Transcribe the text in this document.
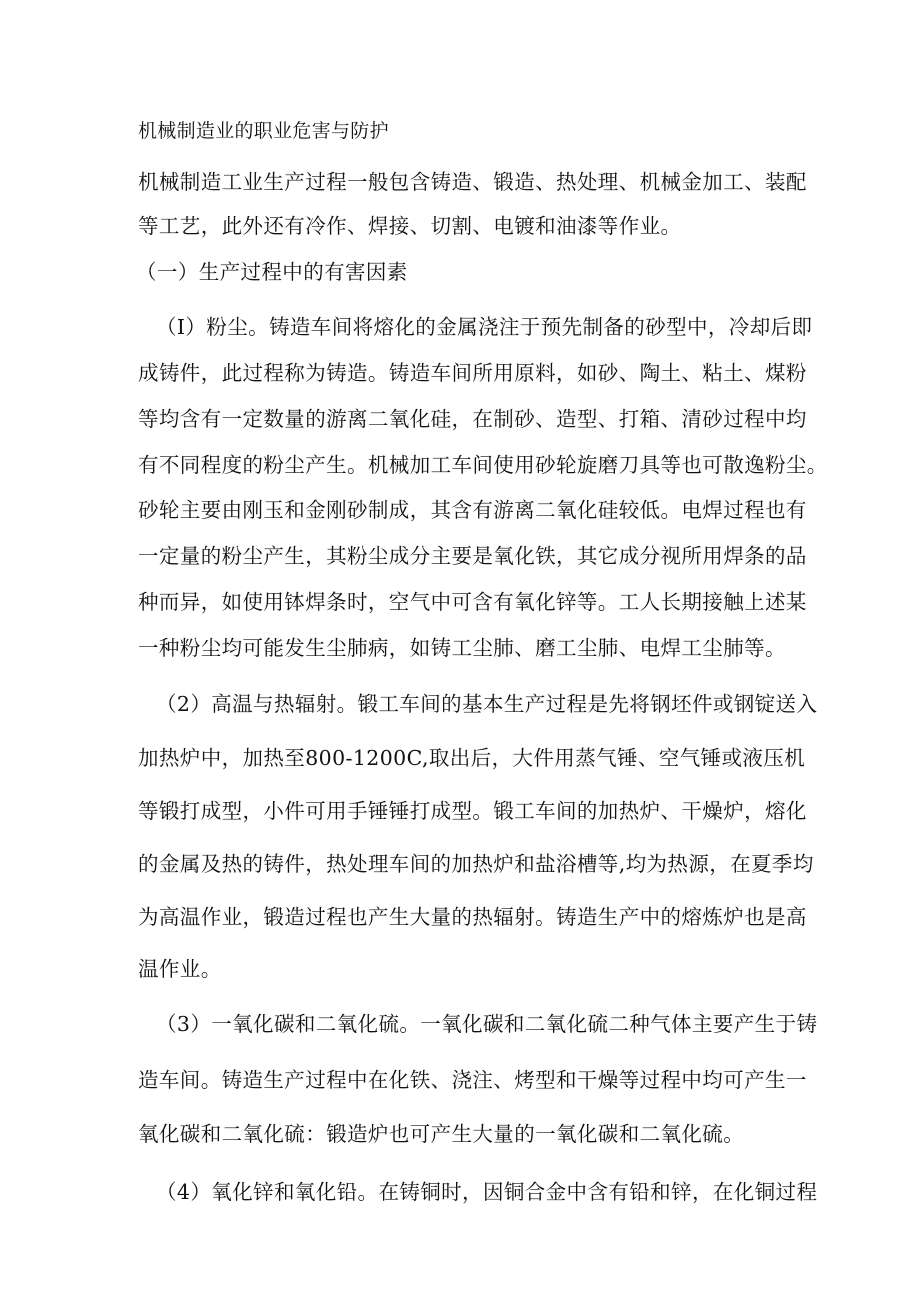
机械制造业的职业危害与防护
机械制造工业生产过程一般包含铸造、锻造、热处理、机械金加工、装配
等工艺，此外还有冷作、焊接、切割、电镀和油漆等作业。
（一）生产过程中的有害因素
（I）粉尘。铸造车间将熔化的金属浇注于预先制备的砂型中，冷却后即
成铸件，此过程称为铸造。铸造车间所用原料，如砂、陶土、粘土、煤粉
等均含有一定数量的游离二氧化硅，在制砂、造型、打箱、清砂过程中均
有不同程度的粉尘产生。机械加工车间使用砂轮旋磨刀具等也可散逸粉尘。
砂轮主要由刚玉和金刚砂制成，其含有游离二氧化硅较低。电焊过程也有
一定量的粉尘产生，其粉尘成分主要是氧化铁，其它成分视所用焊条的品
种而异，如使用钵焊条时，空气中可含有氧化锌等。工人长期接触上述某
一种粉尘均可能发生尘肺病，如铸工尘肺、磨工尘肺、电焊工尘肺等。
（2）高温与热辐射。锻工车间的基本生产过程是先将钢坯件或钢锭送入
加热炉中，加热至800-1200C,取出后，大件用蒸气锤、空气锤或液压机
等锻打成型，小件可用手锤锤打成型。锻工车间的加热炉、干燥炉，熔化
的金属及热的铸件，热处理车间的加热炉和盐浴槽等,均为热源，在夏季均
为高温作业，锻造过程也产生大量的热辐射。铸造生产中的熔炼炉也是高
温作业。
（3）一氧化碳和二氧化硫。一氧化碳和二氧化硫二种气体主要产生于铸
造车间。铸造生产过程中在化铁、浇注、烤型和干燥等过程中均可产生一
氧化碳和二氧化硫：锻造炉也可产生大量的一氧化碳和二氧化硫。
（4）氧化锌和氧化铅。在铸铜时，因铜合金中含有铅和锌，在化铜过程
